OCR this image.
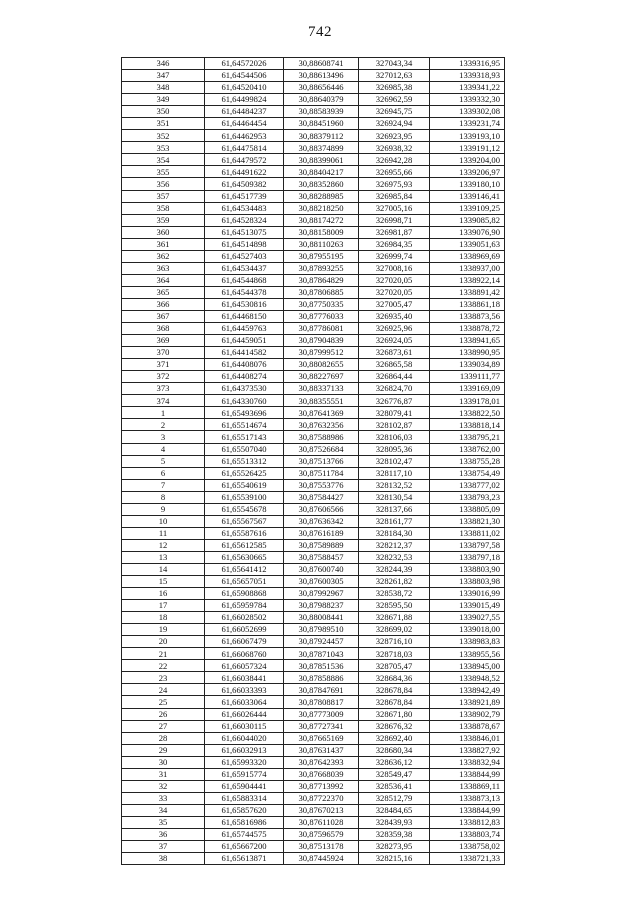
742
346	61,64572026	30,88608741	327043,34	1339316,95
347	61,64544506	30,88613496	327012,63	1339318,93
348	61,64520410	30,88656446	326985,38	1339341,22
349	61,64499824	30,88640379	326962,59	1339332,30
350	61,64484237	30,88583939	326945,75	1339302,08
351	61,64464454	30,88451960	326924,94	1339231,74
352	61,64462953	30,88379112	326923,95	1339193,10
353	61,64475814	30,88374899	326938,32	1339191,12
354	61,64479572	30,88399061	326942,28	1339204,00
355	61,64491622	30,88404217	326955,66	1339206,97
356	61,64509382	30,88352860	326975,93	1339180,10
357	61,64517739	30,88288985	326985,84	1339146,41
358	61,64534483	30,88218250	327005,16	1339109,25
359	61,64528324	30,88174272	326998,71	1339085,82
360	61,64513075	30,88158009	326981,87	1339076,90
361	61,64514898	30,88110263	326984,35	1339051,63
362	61,64527403	30,87955195	326999,74	1338969,69
363	61,64534437	30,87893255	327008,16	1338937,00
364	61,64544868	30,87864829	327020,05	1338922,14
365	61,64544378	30,87806885	327020,05	1338891,42
366	61,64530816	30,87750335	327005,47	1338861,18
367	61,64468150	30,87776033	326935,40	1338873,56
368	61,64459763	30,87786081	326925,96	1338878,72
369	61,64459051	30,87904839	326924,05	1338941,65
370	61,64414582	30,87999512	326873,61	1338990,95
371	61,64408076	30,88082655	326865,58	1339034,89
372	61,64408274	30,88227697	326864,44	1339111,77
373	61,64373530	30,88337133	326824,70	1339169,09
374	61,64330760	30,88355551	326776,87	1339178,01
1	61,65493696	30,87641369	328079,41	1338822,50
2	61,65514674	30,87632356	328102,87	1338818,14
3	61,65517143	30,87588986	328106,03	1338795,21
4	61,65507040	30,87526684	328095,36	1338762,00
5	61,65513312	30,87513766	328102,47	1338755,28
6	61,65526425	30,87511784	328117,10	1338754,49
7	61,65540619	30,87553776	328132,52	1338777,02
8	61,65539100	30,87584427	328130,54	1338793,23
9	61,65545678	30,87606566	328137,66	1338805,09
10	61,65567567	30,87636342	328161,77	1338821,30
11	61,65587616	30,87616189	328184,30	1338811,02
12	61,65612585	30,87589889	328212,37	1338797,58
13	61,65630665	30,87588457	328232,53	1338797,18
14	61,65641412	30,87600740	328244,39	1338803,90
15	61,65657051	30,87600305	328261,82	1338803,98
16	61,65908868	30,87992967	328538,72	1339016,99
17	61,65959784	30,87988237	328595,50	1339015,49
18	61,66028502	30,88008441	328671,88	1339027,55
19	61,66052699	30,87989510	328699,02	1339018,00
20	61,66067479	30,87924457	328716,10	1338983,83
21	61,66068760	30,87871043	328718,03	1338955,56
22	61,66057324	30,87851536	328705,47	1338945,00
23	61,66038441	30,87858886	328684,36	1338948,52
24	61,66033393	30,87847691	328678,84	1338942,49
25	61,66033064	30,87808817	328678,84	1338921,89
26	61,66026444	30,87773009	328671,80	1338902,79
27	61,66030115	30,87727341	328676,32	1338878,67
28	61,66044020	30,87665169	328692,40	1338846,01
29	61,66032913	30,87631437	328680,34	1338827,92
30	61,65993320	30,87642393	328636,12	1338832,94
31	61,65915774	30,87668039	328549,47	1338844,99
32	61,65904441	30,87713992	328536,41	1338869,11
33	61,65883314	30,87722370	328512,79	1338873,13
34	61,65857620	30,87670213	328484,65	1338844,99
35	61,65816986	30,87611028	328439,93	1338812,83
36	61,65744575	30,87596579	328359,38	1338803,74
37	61,65667200	30,87513178	328273,95	1338758,02
38	61,65613871	30,87445924	328215,16	1338721,33
